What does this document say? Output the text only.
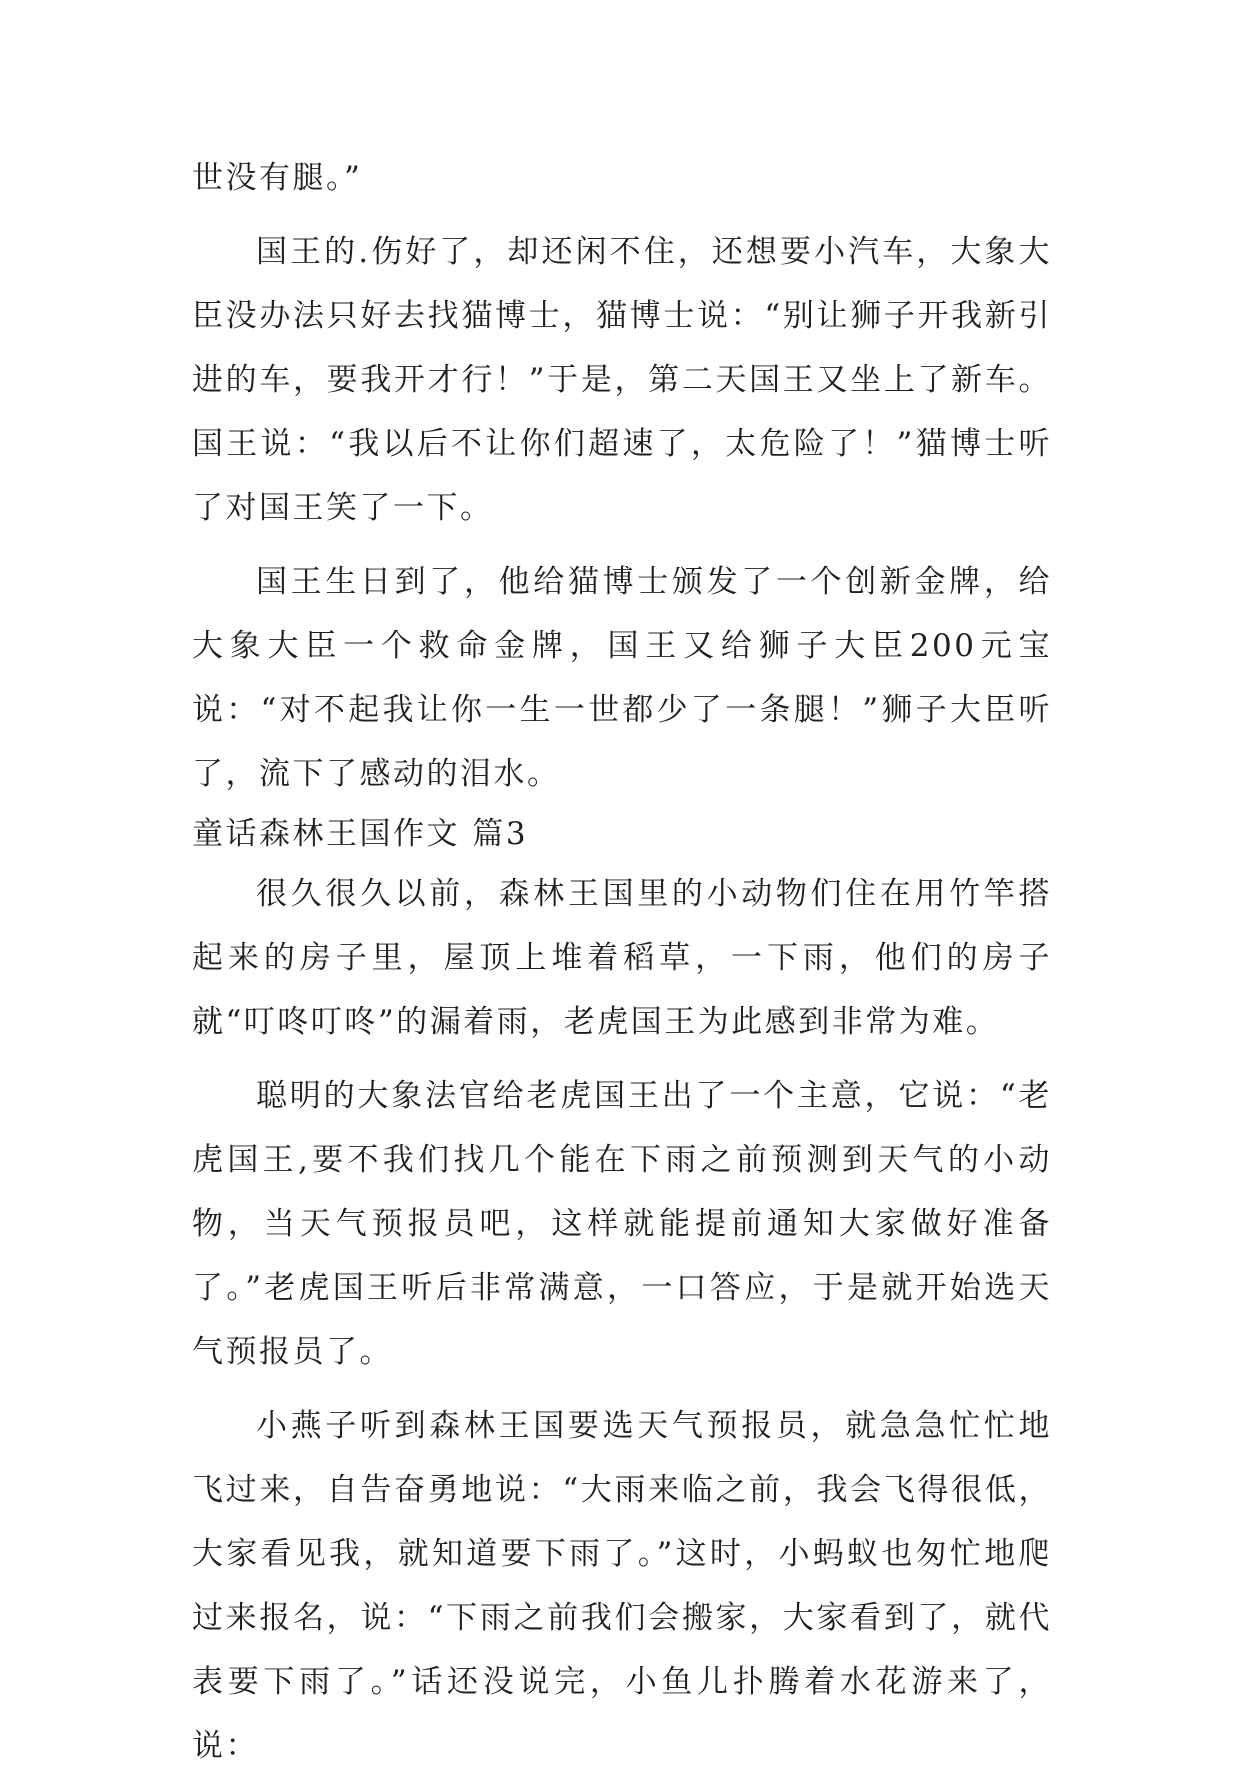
世没有腿。”

国王的.伤好了，却还闲不住，还想要小汽车，大象大臣没办法只好去找猫博士，猫博士说：“别让狮子开我新引进的车，要我开才行！”于是，第二天国王又坐上了新车。国王说：“我以后不让你们超速了，太危险了！”猫博士听了对国王笑了一下。

国王生日到了，他给猫博士颁发了一个创新金牌，给大象大臣一个救命金牌，国王又给狮子大臣200元宝说：“对不起我让你一生一世都少了一条腿！”狮子大臣听了，流下了感动的泪水。

童话森林王国作文 篇3

很久很久以前，森林王国里的小动物们住在用竹竿搭起来的房子里，屋顶上堆着稻草，一下雨，他们的房子就“叮咚叮咚”的漏着雨，老虎国王为此感到非常为难。

聪明的大象法官给老虎国王出了一个主意，它说：“老虎国王,要不我们找几个能在下雨之前预测到天气的小动物，当天气预报员吧，这样就能提前通知大家做好准备了。”老虎国王听后非常满意，一口答应，于是就开始选天气预报员了。

小燕子听到森林王国要选天气预报员，就急急忙忙地飞过来，自告奋勇地说：“大雨来临之前，我会飞得很低，大家看见我，就知道要下雨了。”这时，小蚂蚁也匆忙地爬过来报名，说：“下雨之前我们会搬家，大家看到了，就代表要下雨了。”话还没说完，小鱼儿扑腾着水花游来了，说：
